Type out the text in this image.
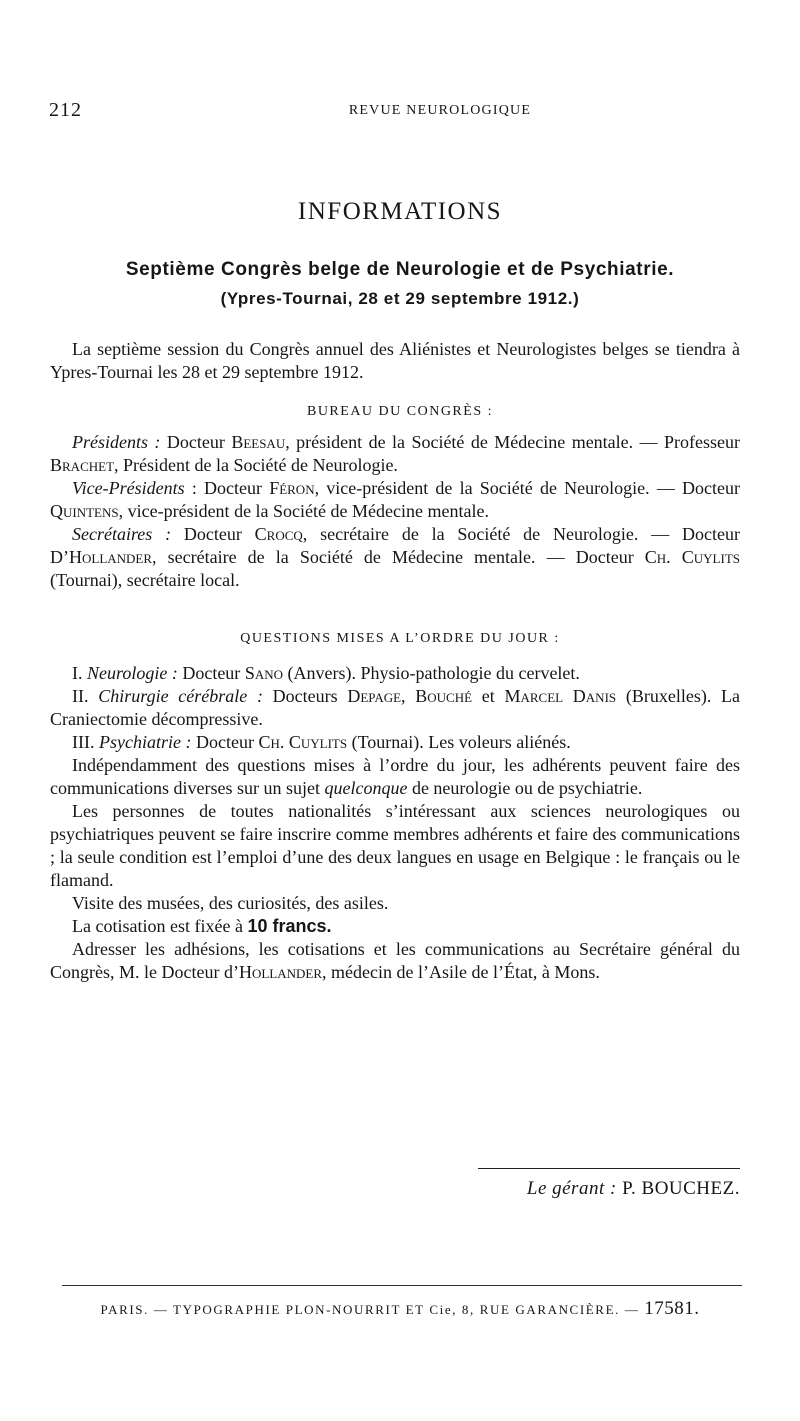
212	REVUE NEUROLOGIQUE
INFORMATIONS
Septième Congrès belge de Neurologie et de Psychiatrie.
(Ypres-Tournai, 28 et 29 septembre 1912.)

La septième session du Congrès annuel des Aliénistes et Neurologistes belges se tiendra à Ypres-Tournai les 28 et 29 septembre 1912.

BUREAU DU CONGRÈS :

Présidents : Docteur Beesau, président de la Société de Médecine mentale. — Professeur Brachet, Président de la Société de Neurologie.

Vice-Présidents : Docteur Féron, vice-président de la Société de Neurologie. — Docteur Quintens, vice-président de la Société de Médecine mentale.

Secrétaires : Docteur Crocq, secrétaire de la Société de Neurologie. — Docteur D’Hollander, secrétaire de la Société de Médecine mentale. — Docteur Ch. Cuylits (Tournai), secrétaire local.

QUESTIONS MISES A L’ORDRE DU JOUR :

I. Neurologie : Docteur Sano (Anvers). Physio-pathologie du cervelet.

II. Chirurgie cérébrale : Docteurs Depage, Bouché et Marcel Danis (Bruxelles). La Craniectomie décompressive.

III. Psychiatrie : Docteur Ch. Cuylits (Tournai). Les voleurs aliénés.

Indépendamment des questions mises à l’ordre du jour, les adhérents peuvent faire des communications diverses sur un sujet quelconque de neurologie ou de psychiatrie.

Les personnes de toutes nationalités s’intéressant aux sciences neurologiques ou psychiatriques peuvent se faire inscrire comme membres adhérents et faire des communications ; la seule condition est l’emploi d’une des deux langues en usage en Belgique : le français ou le flamand.

Visite des musées, des curiosités, des asiles.

La cotisation est fixée à 10 francs.

Adresser les adhésions, les cotisations et les communications au Secrétaire général du Congrès, M. le Docteur d’Hollander, médecin de l’Asile de l’État, à Mons.

Le gérant : P. BOUCHEZ.
PARIS. — TYPOGRAPHIE PLON-NOURRIT ET Cie, 8, RUE GARANCIÈRE. — 17581.
